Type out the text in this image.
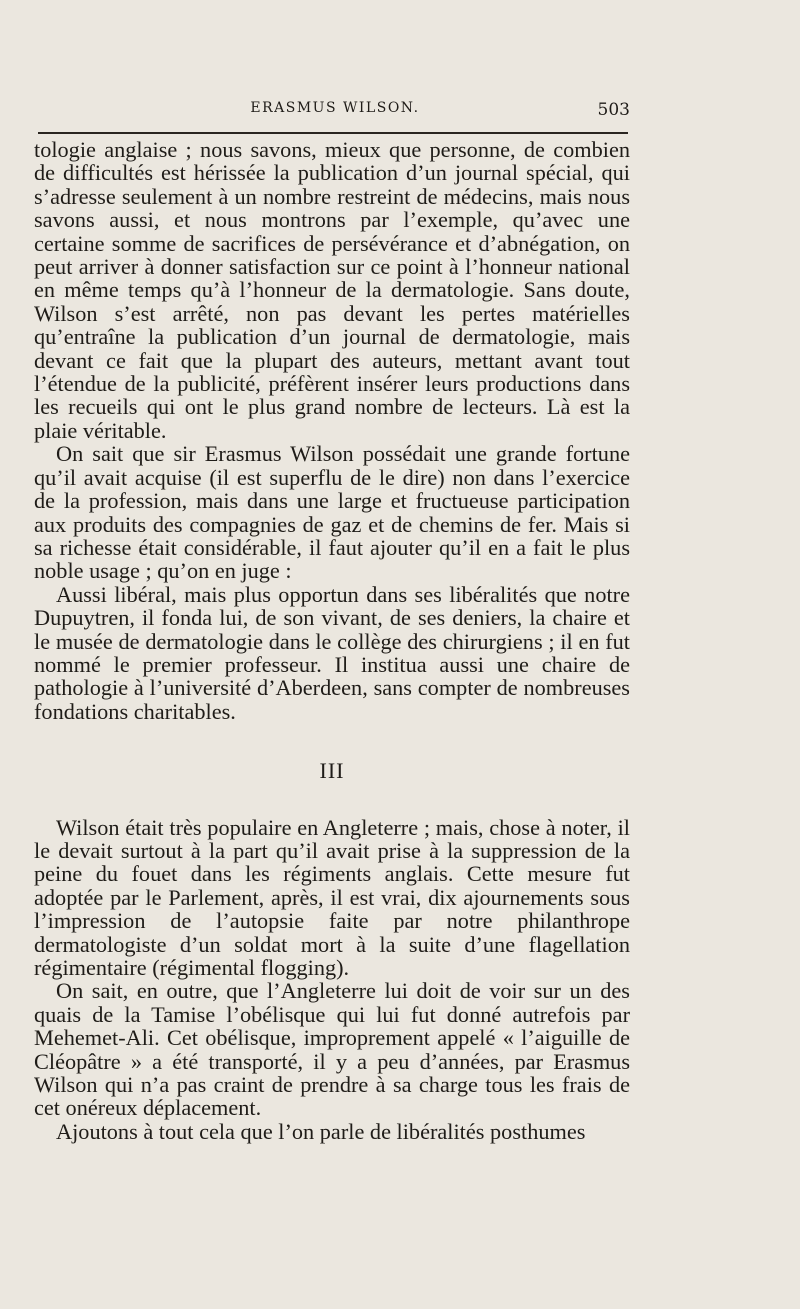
ERASMUS WILSON.	503

tologie anglaise ; nous savons, mieux que personne, de combien de difficultés est hérissée la publication d’un journal spécial, qui s’adresse seulement à un nombre restreint de médecins, mais nous savons aussi, et nous montrons par l’exemple, qu’avec une certaine somme de sacrifices de persévérance et d’abnégation, on peut arriver à donner satisfaction sur ce point à l’honneur national en même temps qu’à l’honneur de la dermatologie. Sans doute, Wilson s’est arrêté, non pas devant les pertes matérielles qu’entraîne la publication d’un journal de dermatologie, mais devant ce fait que la plupart des auteurs, mettant avant tout l’étendue de la publicité, préfèrent insérer leurs productions dans les recueils qui ont le plus grand nombre de lecteurs. Là est la plaie véritable.

On sait que sir Erasmus Wilson possédait une grande fortune qu’il avait acquise (il est superflu de le dire) non dans l’exercice de la profession, mais dans une large et fructueuse participation aux produits des compagnies de gaz et de chemins de fer. Mais si sa richesse était considérable, il faut ajouter qu’il en a fait le plus noble usage ; qu’on en juge :

Aussi libéral, mais plus opportun dans ses libéralités que notre Dupuytren, il fonda lui, de son vivant, de ses deniers, la chaire et le musée de dermatologie dans le collège des chirurgiens ; il en fut nommé le premier professeur. Il institua aussi une chaire de pathologie à l’université d’Aberdeen, sans compter de nombreuses fondations charitables.

III

Wilson était très populaire en Angleterre ; mais, chose à noter, il le devait surtout à la part qu’il avait prise à la suppression de la peine du fouet dans les régiments anglais. Cette mesure fut adoptée par le Parlement, après, il est vrai, dix ajournements sous l’impression de l’autopsie faite par notre philanthrope dermatologiste d’un soldat mort à la suite d’une flagellation régimentaire (régimental flogging).

On sait, en outre, que l’Angleterre lui doit de voir sur un des quais de la Tamise l’obélisque qui lui fut donné autrefois par Mehemet-Ali. Cet obélisque, improprement appelé « l’aiguille de Cléopâtre » a été transporté, il y a peu d’années, par Erasmus Wilson qui n’a pas craint de prendre à sa charge tous les frais de cet onéreux déplacement.

Ajoutons à tout cela que l’on parle de libéralités posthumes
